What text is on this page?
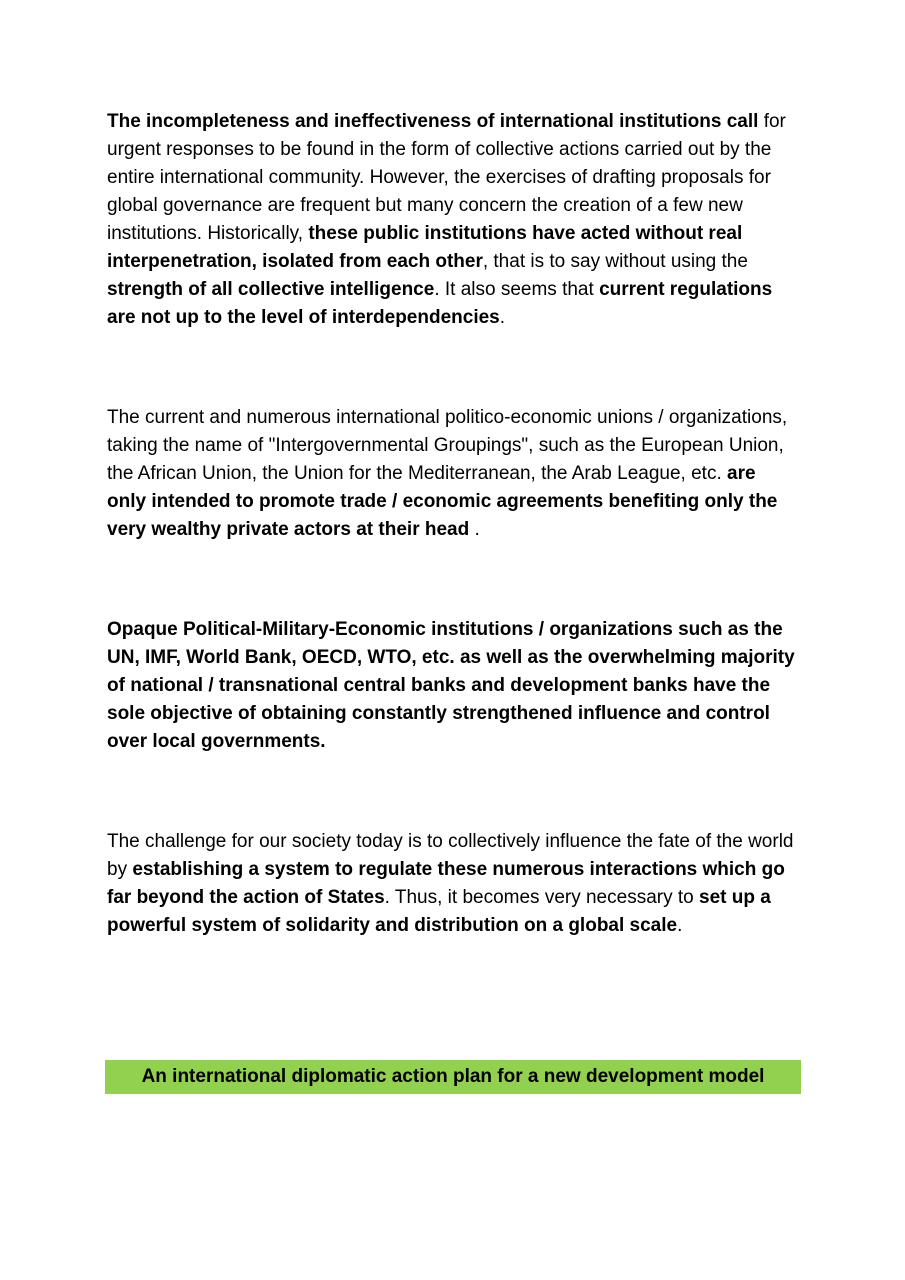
The incompleteness and ineffectiveness of international institutions call for urgent responses to be found in the form of collective actions carried out by the entire international community. However, the exercises of drafting proposals for global governance are frequent but many concern the creation of a few new institutions. Historically, these public institutions have acted without real interpenetration, isolated from each other, that is to say without using the strength of all collective intelligence. It also seems that current regulations are not up to the level of interdependencies.

The current and numerous international politico-economic unions / organizations, taking the name of "Intergovernmental Groupings", such as the European Union, the African Union, the Union for the Mediterranean, the Arab League, etc. are only intended to promote trade / economic agreements benefiting only the very wealthy private actors at their head .

Opaque Political-Military-Economic institutions / organizations such as the UN, IMF, World Bank, OECD, WTO, etc. as well as the overwhelming majority of national / transnational central banks and development banks have the sole objective of obtaining constantly strengthened influence and control over local governments.

The challenge for our society today is to collectively influence the fate of the world by establishing a system to regulate these numerous interactions which go far beyond the action of States. Thus, it becomes very necessary to set up a powerful system of solidarity and distribution on a global scale.

An international diplomatic action plan for a new development model
